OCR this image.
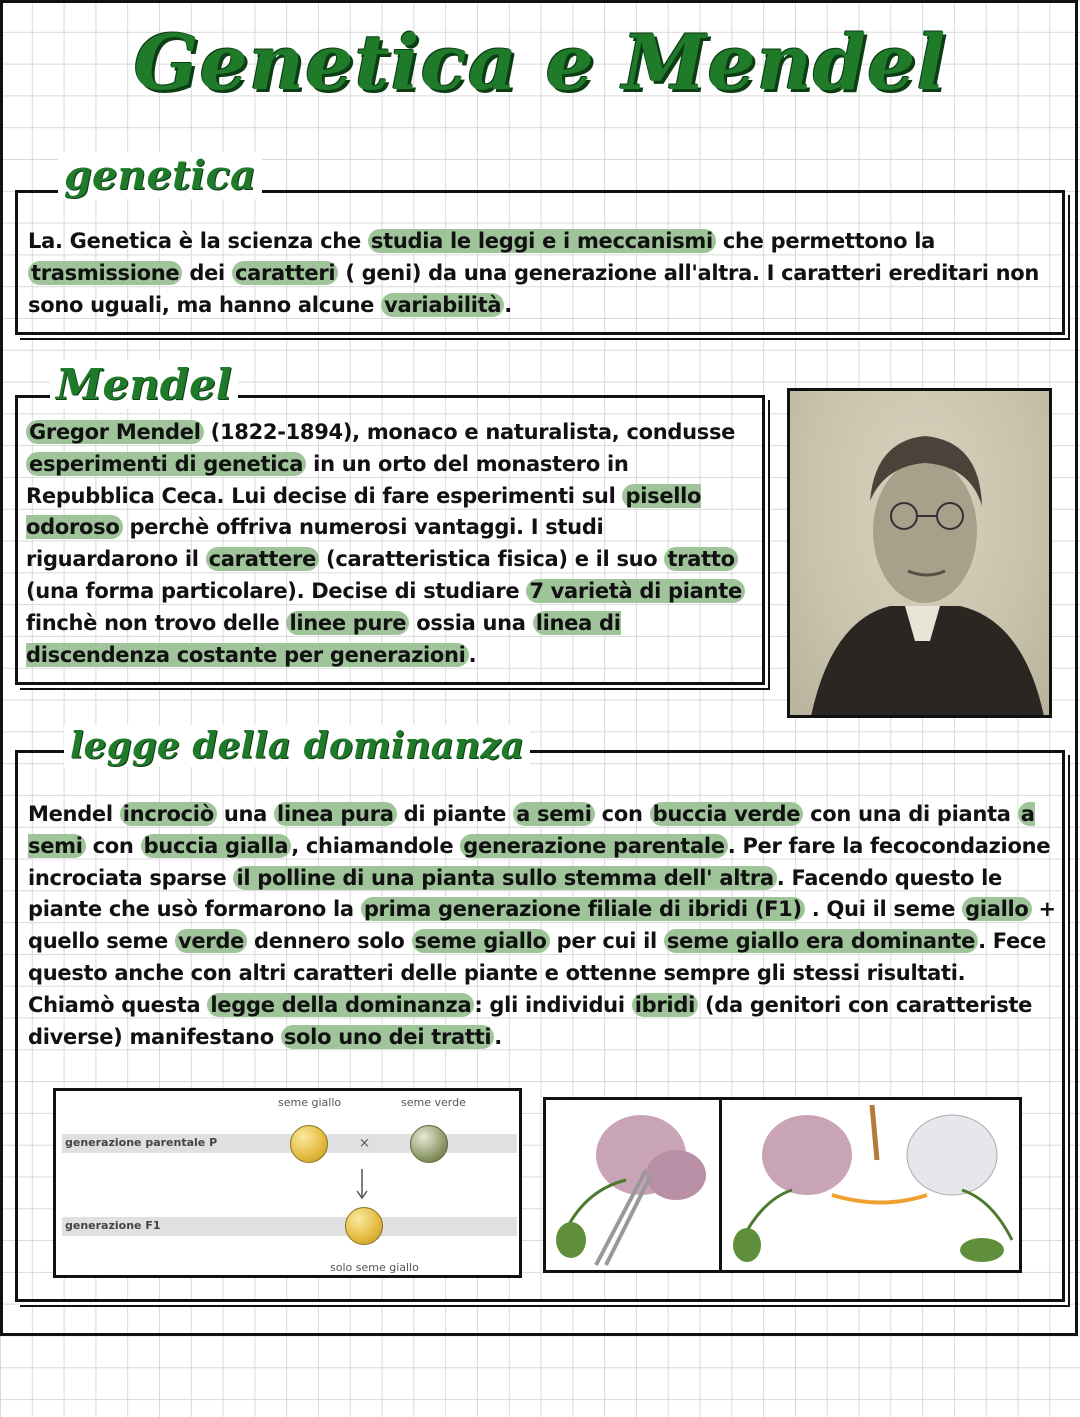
Genetica e Mendel
genetica
La. Genetica è la scienza che studia le leggi e i meccanismi che permettono la trasmissione dei caratteri ( geni) da una generazione all'altra. I caratteri ereditari non sono uguali, ma hanno alcune variabilità .
Mendel
Gregor Mendel (1822-1894), monaco e naturalista, condusse esperimenti di genetica in un orto del monastero in Repubblica Ceca. Lui decise di fare esperimenti sul pisello odoroso perchè offriva numerosi vantaggi. I studi riguardarono il carattere (caratteristica fisica) e il suo tratto (una forma particolare). Decise di studiare 7 varietà di piante finchè non trovo delle linee pure ossia una linea di discendenza costante per generazioni .
legge della dominanza
Mendel incrociò una linea pura di piante a semi con buccia verde con una di pianta a semi con buccia gialla , chiamandole generazione parentale . Per fare la fecocondazione incrociata sparse il polline di una pianta sullo stemma dell' altra . Facendo questo le piante che usò formarono la prima generazione filiale di ibridi (F1) . Qui il seme giallo + quello seme verde dennero solo seme giallo per cui il seme giallo era dominante . Fece questo anche con altri caratteri delle piante e ottenne sempre gli stessi risultati. Chiamò questa legge della dominanza : gli individui ibridi (da genitori con caratteriste diverse) manifestano solo uno dei tratti .
seme giallo	seme verde
generazione parentale P	×
generazione F1
solo seme giallo
